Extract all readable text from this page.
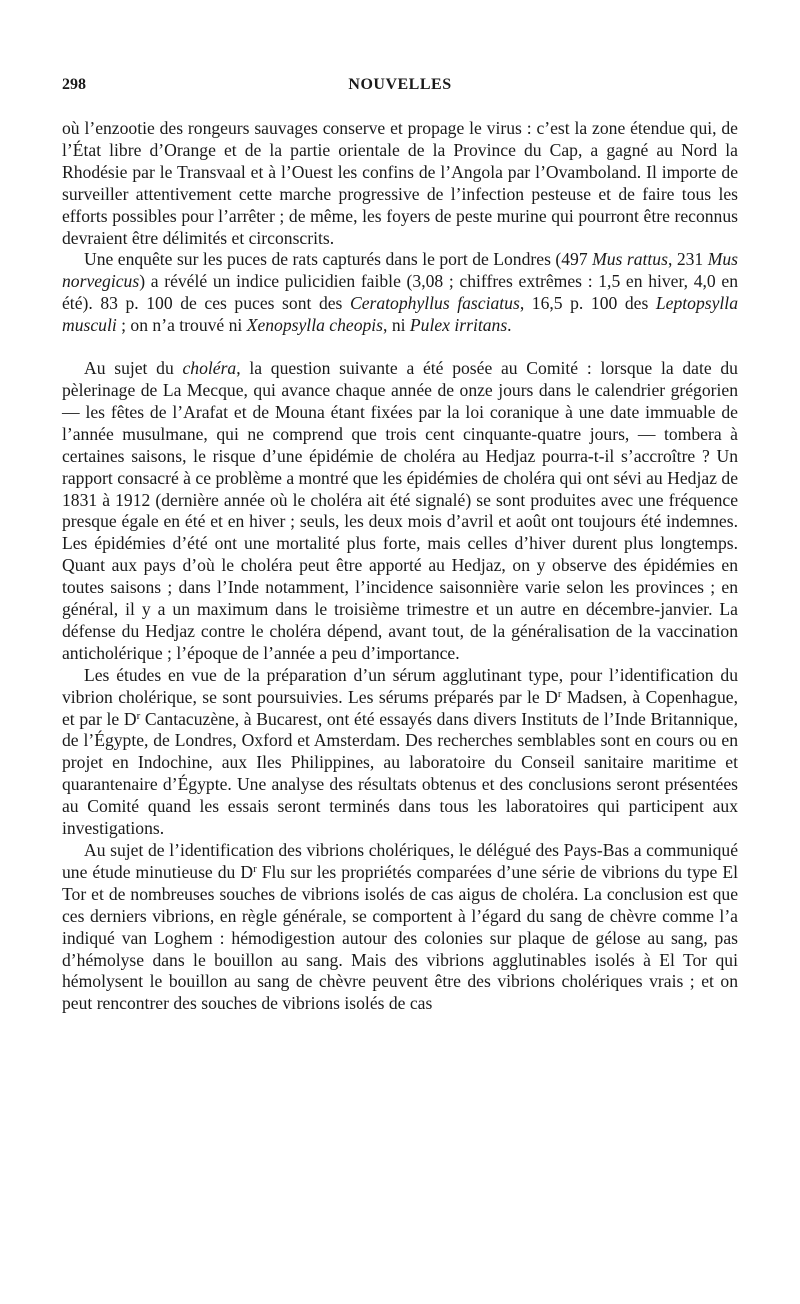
298	NOUVELLES

où l’enzootie des rongeurs sauvages conserve et propage le virus : c’est la zone étendue qui, de l’État libre d’Orange et de la partie orientale de la Province du Cap, a gagné au Nord la Rhodésie par le Transvaal et à l’Ouest les confins de l’Angola par l’Ovamboland. Il importe de surveiller attentivement cette marche progressive de l’infection pesteuse et de faire tous les efforts possibles pour l’arrêter ; de même, les foyers de peste murine qui pourront être reconnus devraient être délimités et circonscrits.

Une enquête sur les puces de rats capturés dans le port de Londres (497 Mus rattus, 231 Mus norvegicus) a révélé un indice pulicidien faible (3,08 ; chiffres extrêmes : 1,5 en hiver, 4,0 en été). 83 p. 100 de ces puces sont des Ceratophyllus fasciatus, 16,5 p. 100 des Leptopsylla musculi ; on n’a trouvé ni Xenopsylla cheopis, ni Pulex irritans.

Au sujet du choléra, la question suivante a été posée au Comité : lorsque la date du pèlerinage de La Mecque, qui avance chaque année de onze jours dans le calendrier grégorien — les fêtes de l’Arafat et de Mouna étant fixées par la loi coranique à une date immuable de l’année musulmane, qui ne comprend que trois cent cinquante-quatre jours, — tombera à certaines saisons, le risque d’une épidémie de choléra au Hedjaz pourra-t-il s’accroître ? Un rapport consacré à ce problème a montré que les épidémies de choléra qui ont sévi au Hedjaz de 1831 à 1912 (dernière année où le choléra ait été signalé) se sont produites avec une fréquence presque égale en été et en hiver ; seuls, les deux mois d’avril et août ont toujours été indemnes. Les épidémies d’été ont une mortalité plus forte, mais celles d’hiver durent plus longtemps. Quant aux pays d’où le choléra peut être apporté au Hedjaz, on y observe des épidémies en toutes saisons ; dans l’Inde notamment, l’incidence saisonnière varie selon les provinces ; en général, il y a un maximum dans le troisième trimestre et un autre en décembre-janvier. La défense du Hedjaz contre le choléra dépend, avant tout, de la généralisation de la vaccination anticholérique ; l’époque de l’année a peu d’importance.

Les études en vue de la préparation d’un sérum agglutinant type, pour l’identification du vibrion cholérique, se sont poursuivies. Les sérums préparés par le $D^r$ Madsen, à Copenhague, et par le $D^r$ Cantacuzène, à Bucarest, ont été essayés dans divers Instituts de l’Inde Britannique, de l’Égypte, de Londres, Oxford et Amsterdam. Des recherches semblables sont en cours ou en projet en Indochine, aux Iles Philippines, au laboratoire du Conseil sanitaire maritime et quarantenaire d’Égypte. Une analyse des résultats obtenus et des conclusions seront présentées au Comité quand les essais seront terminés dans tous les laboratoires qui participent aux investigations.

Au sujet de l’identification des vibrions cholériques, le délégué des Pays-Bas a communiqué une étude minutieuse du $D^r$ Flu sur les propriétés comparées d’une série de vibrions du type El Tor et de nombreuses souches de vibrions isolés de cas aigus de choléra. La conclusion est que ces derniers vibrions, en règle générale, se comportent à l’égard du sang de chèvre comme l’a indiqué van Loghem : hémodigestion autour des colonies sur plaque de gélose au sang, pas d’hémolyse dans le bouillon au sang. Mais des vibrions agglutinables isolés à El Tor qui hémolysent le bouillon au sang de chèvre peuvent être des vibrions cholériques vrais ; et on peut rencontrer des souches de vibrions isolés de cas
